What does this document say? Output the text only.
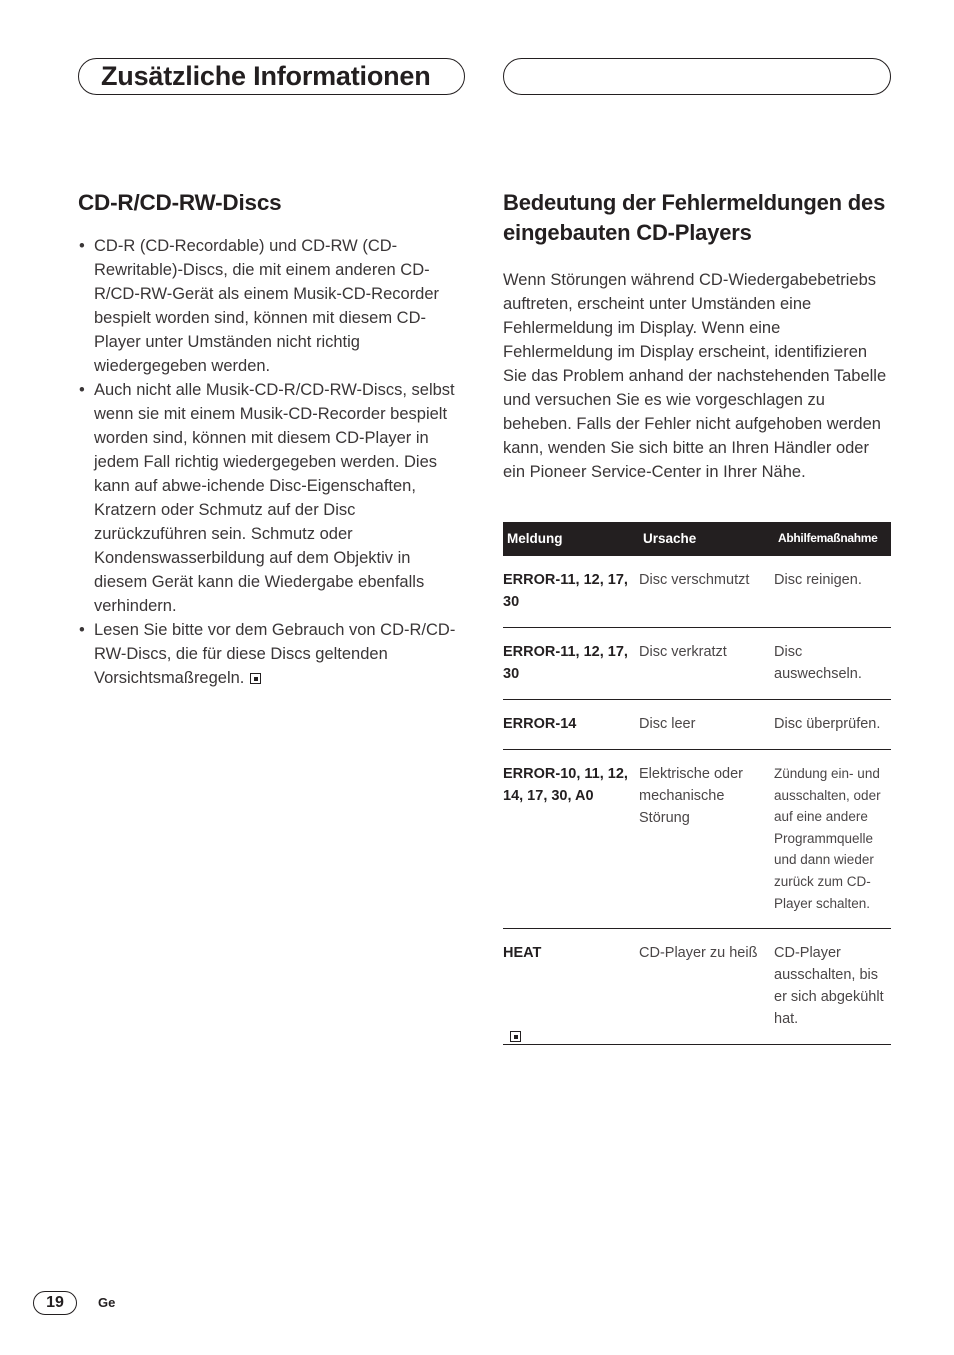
Zusätzliche Informationen
CD-R/CD-RW-Discs
• CD-R (CD-Recordable) und CD-RW (CD-Rewritable)-Discs, die mit einem anderen CD-R/CD-RW-Gerät als einem Musik-CD-Recorder bespielt worden sind, können mit diesem CD-Player unter Umständen nicht richtig wiedergegeben werden.
• Auch nicht alle Musik-CD-R/CD-RW-Discs, selbst wenn sie mit einem Musik-CD-Recorder bespielt worden sind, können mit diesem CD-Player in jedem Fall richtig wiedergegeben werden. Dies kann auf abwe-ichende Disc-Eigenschaften, Kratzern oder Schmutz auf der Disc zurückzuführen sein. Schmutz oder Kondenswasserbildung auf dem Objektiv in diesem Gerät kann die Wiedergabe ebenfalls verhindern.
• Lesen Sie bitte vor dem Gebrauch von CD-R/CD-RW-Discs, die für diese Discs geltenden Vorsichtsmaßregeln.
Bedeutung der Fehlermeldungen des eingebauten CD-Players

Wenn Störungen während CD-Wiedergabebetriebs auftreten, erscheint unter Umständen eine Fehlermeldung im Display. Wenn eine Fehlermeldung im Display erscheint, identifizieren Sie das Problem anhand der nachstehenden Tabelle und versuchen Sie es wie vorgeschlagen zu beheben. Falls der Fehler nicht aufgehoben werden kann, wenden Sie sich bitte an Ihren Händler oder ein Pioneer Service-Center in Ihrer Nähe.

Meldung	Ursache	Abhilfemaßnahme
ERROR-11, 12, 17, 30	Disc verschmutzt	Disc reinigen.
ERROR-11, 12, 17, 30	Disc verkratzt	Disc auswechseln.
ERROR-14	Disc leer	Disc überprüfen.
ERROR-10, 11, 12, 14, 17, 30, A0	Elektrische oder mechanische Störung	Zündung ein- und ausschalten, oder auf eine andere Programmquelle und dann wieder zurück zum CD-Player schalten.
HEAT	CD-Player zu heiß	CD-Player ausschalten, bis er sich abgekühlt hat.
19	Ge
